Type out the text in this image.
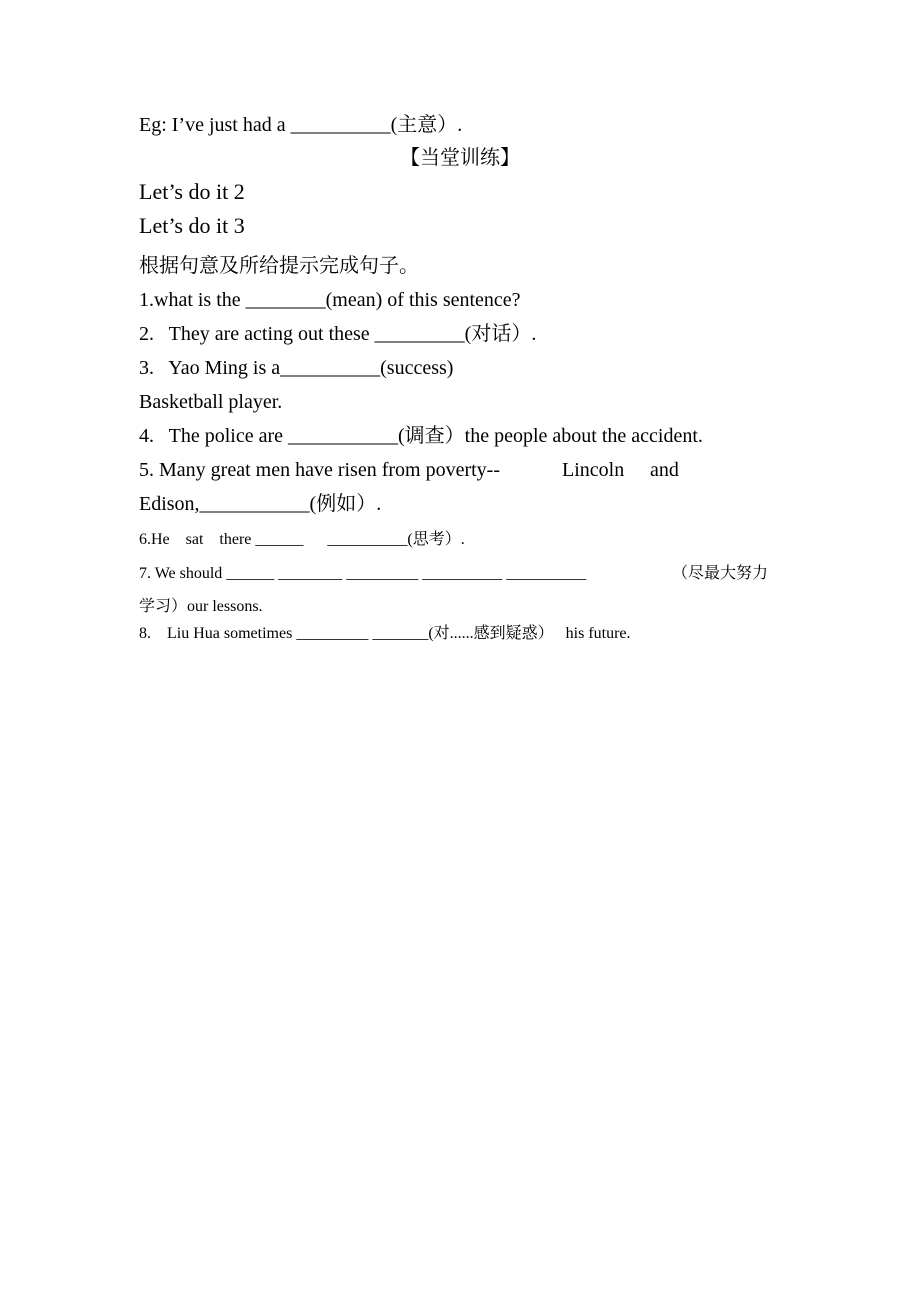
Eg: I’ve just had a __________(主意）.
【当堂训练】
Let’s do it 2
Let’s do it 3
根据句意及所给提示完成句子。
1.what is the ________(mean) of this sentence?
2.   They are acting out these _________(对话）.
3.   Yao Ming is a__________(success)
Basketball player.
4.   The police are ___________(调查）the people about the accident.
5. Many great men have risen from poverty--	Lincoln and
Edison,___________(例如）.
6.He    sat    there ______      __________(思考）.
7. We should ______ ________ _________ __________ __________	（尽最大努力
学习）our lessons.
8.    Liu Hua sometimes _________ _______(对......感到疑惑）   his future.
